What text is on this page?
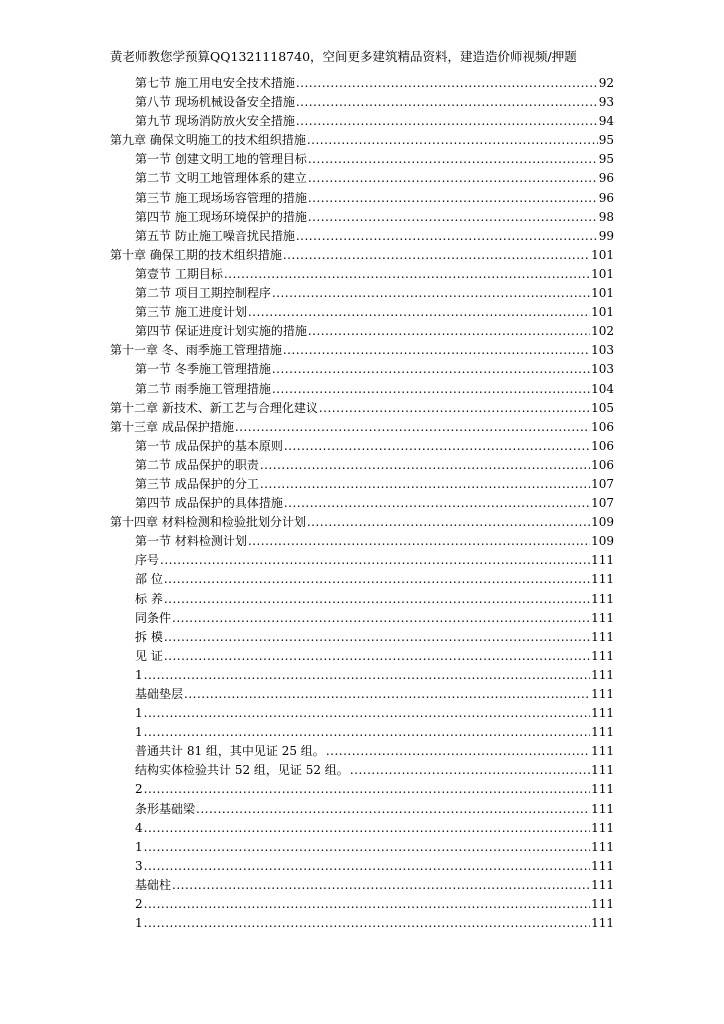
黄老师教您学预算QQ1321118740，空间更多建筑精品资料，建造造价师视频/押题
第七节 施工用电安全技术措施 .....	92
第八节 现场机械设备安全措施 .....	93
第九节 现场消防放火安全措施 .....	94
第九章 确保文明施工的技术组织措施 .....	95
第一节 创建文明工地的管理目标 .....	95
第二节 文明工地管理体系的建立 .....	96
第三节 施工现场场容管理的措施 .....	96
第四节 施工现场环境保护的措施 .....	98
第五节 防止施工噪音扰民措施 .....	99
第十章 确保工期的技术组织措施 .....	101
第壹节 工期目标 .....	101
第二节 项目工期控制程序 .....	101
第三节 施工进度计划 .....	101
第四节 保证进度计划实施的措施 .....	102
第十一章 冬、雨季施工管理措施 .....	103
第一节 冬季施工管理措施 .....	103
第二节 雨季施工管理措施 .....	104
第十二章 新技术、新工艺与合理化建议 .....	105
第十三章 成品保护措施 .....	106
第一节 成品保护的基本原则 .....	106
第二节 成品保护的职责 .....	106
第三节 成品保护的分工 .....	107
第四节 成品保护的具体措施 .....	107
第十四章 材料检测和检验批划分计划 .....	109
第一节 材料检测计划 .....	109
序号 .....	111
部 位 .....	111
标 养 .....	111
同条件 .....	111
拆 模 .....	111
见 证 .....	111
1 .....	111
基础垫层 .....	111
1 .....	111
1 .....	111
普通共计 81 组，其中见证 25 组。 .....	111
结构实体检验共计 52 组，见证 52 组。 .....	111
2 .....	111
条形基础梁 .....	111
4 .....	111
1 .....	111
3 .....	111
基础柱 .....	111
2 .....	111
1 .....	111
